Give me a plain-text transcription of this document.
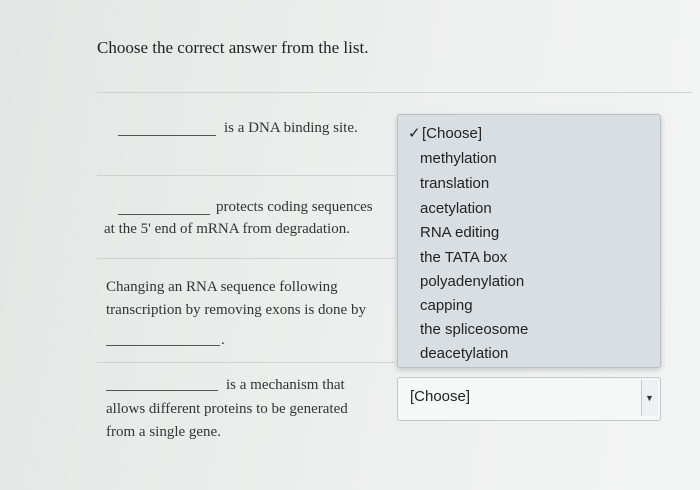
Choose the correct answer from the list.
is a DNA binding site.
protects coding sequences
at the 5' end of mRNA from degradation.
Changing an RNA sequence following
transcription by removing exons is done by
.
is a mechanism that
allows different proteins to be generated
from a single gene.
✓[Choose]
methylation
translation
acetylation
RNA editing
the TATA box
polyadenylation
capping
the spliceosome
deacetylation
[Choose]	▼
